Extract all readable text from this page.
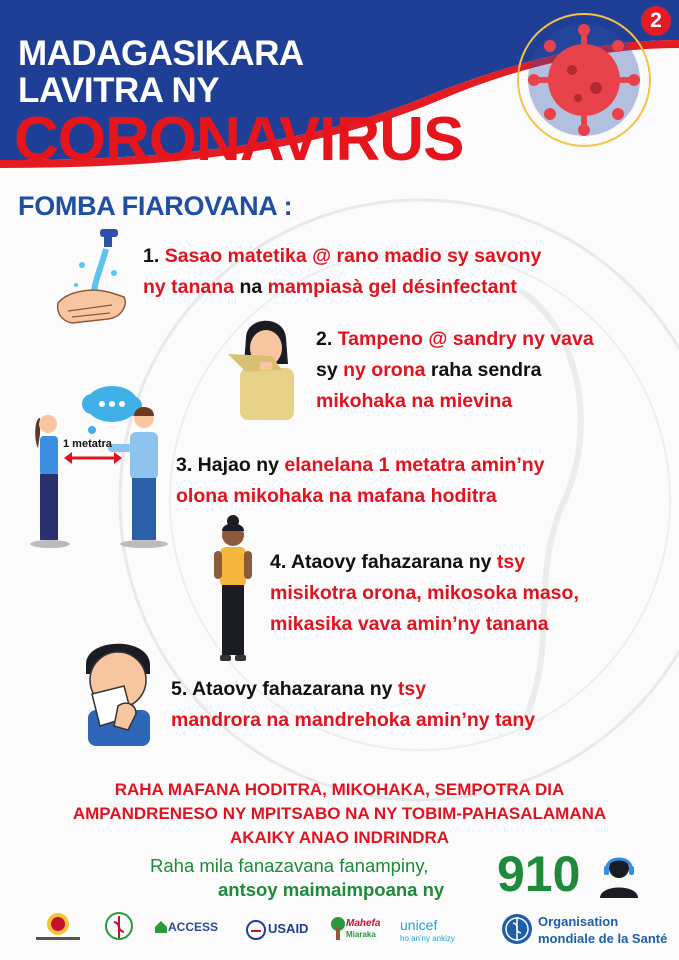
MADAGASIKARA
LAVITRA NY
CORONAVIRUS
2
FOMBA FIAROVANA :
1. Sasao matetika @ rano madio sy savony
ny tanana na mampiasà gel désinfectant
2. Tampeno @ sandry ny vava
sy ny orona raha sendra
mikohaka na mievina
1 metatra
3. Hajao ny elanelana 1 metatra amin’ny
olona mikohaka na mafana hoditra
4. Ataovy fahazarana ny tsy
misikotra orona, mikosoka maso,
mikasika vava amin’ny tanana
5. Ataovy fahazarana ny tsy
mandrora na mandrehoka amin’ny tany
RAHA MAFANA HODITRA, MIKOHAKA, SEMPOTRA DIA
AMPANDRENESO NY MPITSABO NA NY TOBIM-PAHASALAMANA
AKAIKY ANAO INDRINDRA
Raha mila fanazavana fanampiny,
antsoy maimaimpoana ny 910
ACCESS	USAID	Mahefa
Miaraka
unicef
ho an'ny ankizy
Organisation
mondiale de la Santé
